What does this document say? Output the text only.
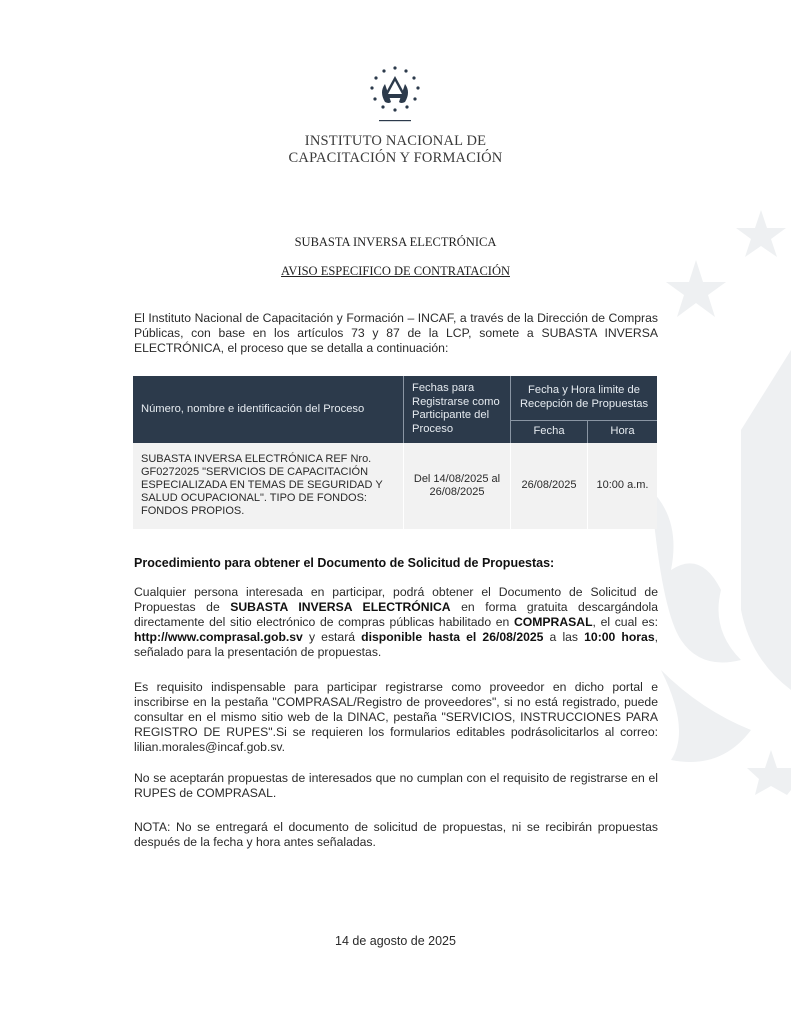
INSTITUTO NACIONAL DE
CAPACITACIÓN Y FORMACIÓN
SUBASTA INVERSA ELECTRÓNICA
AVISO ESPECIFICO DE CONTRATACIÓN
El Instituto Nacional de Capacitación y Formación – INCAF, a través de la Dirección de Compras Públicas, con base en los artículos 73 y 87 de la LCP, somete a SUBASTA INVERSA ELECTRÓNICA, el proceso que se detalla a continuación:
Número, nombre e identificación del Proceso	Fechas para Registrarse como Participante del Proceso	Fecha y Hora limite de Recepción de Propuestas	
		Fecha	Hora
SUBASTA INVERSA ELECTRÓNICA REF Nro. GF0272025 "SERVICIOS DE CAPACITACIÓN ESPECIALIZADA EN TEMAS DE SEGURIDAD Y SALUD OCUPACIONAL". TIPO DE FONDOS: FONDOS PROPIOS.	Del 14/08/2025 al 26/08/2025	26/08/2025	10:00 a.m.
Procedimiento para obtener el Documento de Solicitud de Propuestas:
Cualquier persona interesada en participar, podrá obtener el Documento de Solicitud de Propuestas de SUBASTA INVERSA ELECTRÓNICA en forma gratuita descargándola directamente del sitio electrónico de compras públicas habilitado en COMPRASAL, el cual es: http://www.comprasal.gob.sv y estará disponible hasta el 26/08/2025 a las 10:00 horas, señalado para la presentación de propuestas.
Es requisito indispensable para participar registrarse como proveedor en dicho portal e inscribirse en la pestaña "COMPRASAL/Registro de proveedores", si no está registrado, puede consultar en el mismo sitio web de la DINAC, pestaña "SERVICIOS, INSTRUCCIONES PARA REGISTRO DE RUPES".Si se requieren los formularios editables podrásolicitarlos al correo: lilian.morales@incaf.gob.sv.
No se aceptarán propuestas de interesados que no cumplan con el requisito de registrarse en el RUPES de COMPRASAL.
NOTA: No se entregará el documento de solicitud de propuestas, ni se recibirán propuestas después de la fecha y hora antes señaladas.
14 de agosto de 2025
